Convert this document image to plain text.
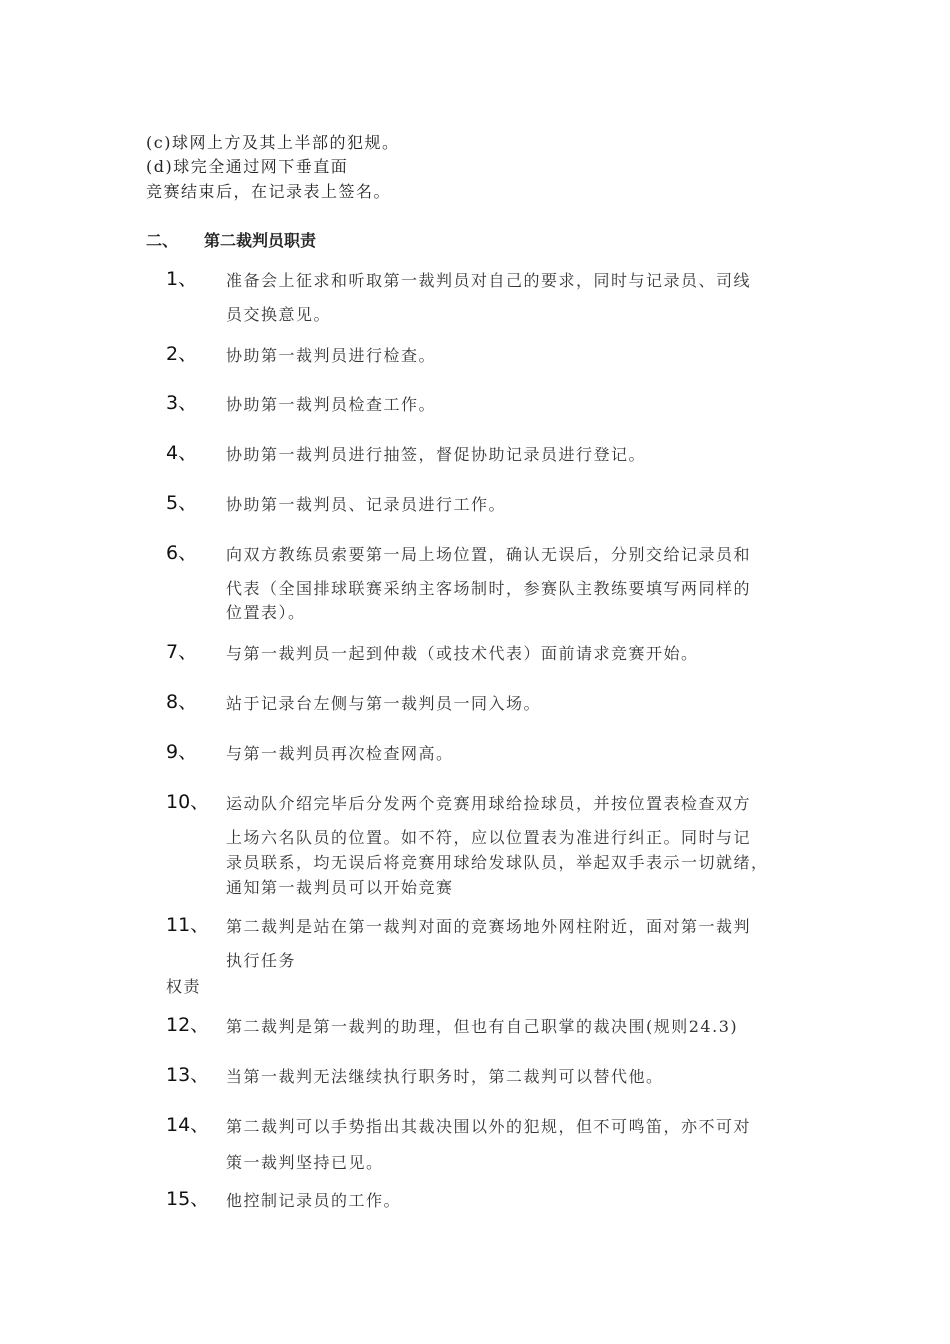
(c)球网上方及其上半部的犯规。
(d)球完全通过网下垂直面
竞赛结束后，在记录表上签名。
二、 第二裁判员职责
1、 准备会上征求和听取第一裁判员对自己的要求，同时与记录员、司线
员交换意见。
2、 协助第一裁判员进行检查。
3、 协助第一裁判员检查工作。
4、 协助第一裁判员进行抽签，督促协助记录员进行登记。
5、 协助第一裁判员、记录员进行工作。
6、 向双方教练员索要第一局上场位置，确认无误后，分别交给记录员和
代表（全国排球联赛采纳主客场制时，参赛队主教练要填写两同样的
位置表）。
7、 与第一裁判员一起到仲裁（或技术代表）面前请求竞赛开始。
8、 站于记录台左侧与第一裁判员一同入场。
9、 与第一裁判员再次检查网高。
10、 运动队介绍完毕后分发两个竞赛用球给捡球员，并按位置表检查双方
上场六名队员的位置。如不符，应以位置表为准进行纠正。同时与记
录员联系，均无误后将竞赛用球给发球队员，举起双手表示一切就绪，
通知第一裁判员可以开始竞赛
11、 第二裁判是站在第一裁判对面的竞赛场地外网柱附近，面对第一裁判
执行任务
权责
12、 第二裁判是第一裁判的助理，但也有自己职掌的裁决围(规则24.3)
13、 当第一裁判无法继续执行职务时，第二裁判可以替代他。
14、 第二裁判可以手势指出其裁决围以外的犯规，但不可鸣笛，亦不可对
策一裁判坚持已见。
15、 他控制记录员的工作。
